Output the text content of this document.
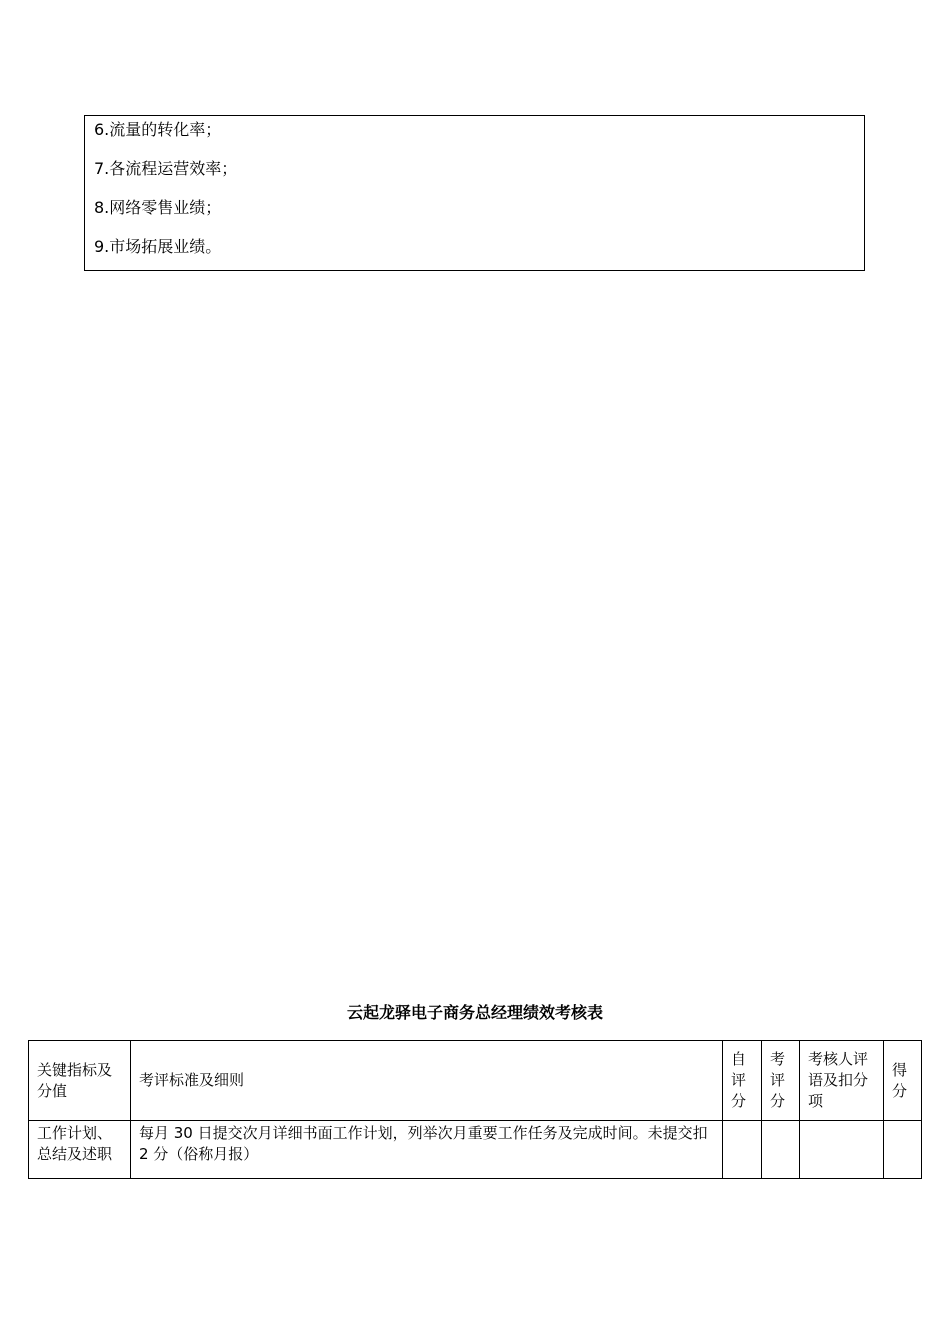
6.流量的转化率；
7.各流程运营效率；
8.网络零售业绩；
9.市场拓展业绩。
云起龙驿电子商务总经理绩效考核表
关键指标及分值	考评标准及细则	自评分	考评分	考核人评语及扣分项	得分
工作计划、总结及述职	每月 30 日提交次月详细书面工作计划，列举次月重要工作任务及完成时间。未提交扣 2 分（俗称月报）				
